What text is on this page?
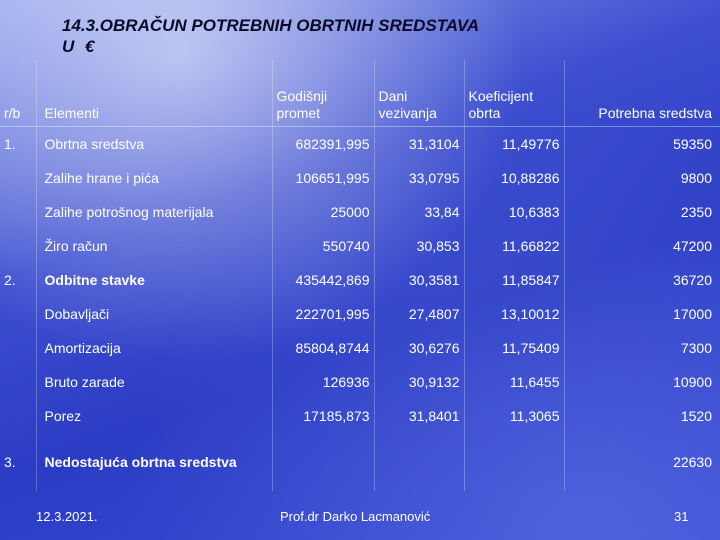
14.3.OBRAČUN POTREBNIH OBRTNIH SREDSTAVA
U €
r/b	Elementi	Godišnji promet	Dani vezivanja	Koeficijent obrta	Potrebna sredstva
1.	Obrtna sredstva	682391,995	31,3104	11,49776	59350
	Zalihe hrane i pića	106651,995	33,0795	10,88286	9800
	Zalihe potrošnog materijala	25000	33,84	10,6383	2350
	Žiro račun	550740	30,853	11,66822	47200
2.	Odbitne stavke	435442,869	30,3581	11,85847	36720
	Dobavljači	222701,995	27,4807	13,10012	17000
	Amortizacija	85804,8744	30,6276	11,75409	7300
	Bruto zarade	126936	30,9132	11,6455	10900
	Porez	17185,873	31,8401	11,3065	1520
3.	Nedostajuća obrtna sredstva				22630
12.3.2021.	Prof.dr Darko Lacmanović	31
